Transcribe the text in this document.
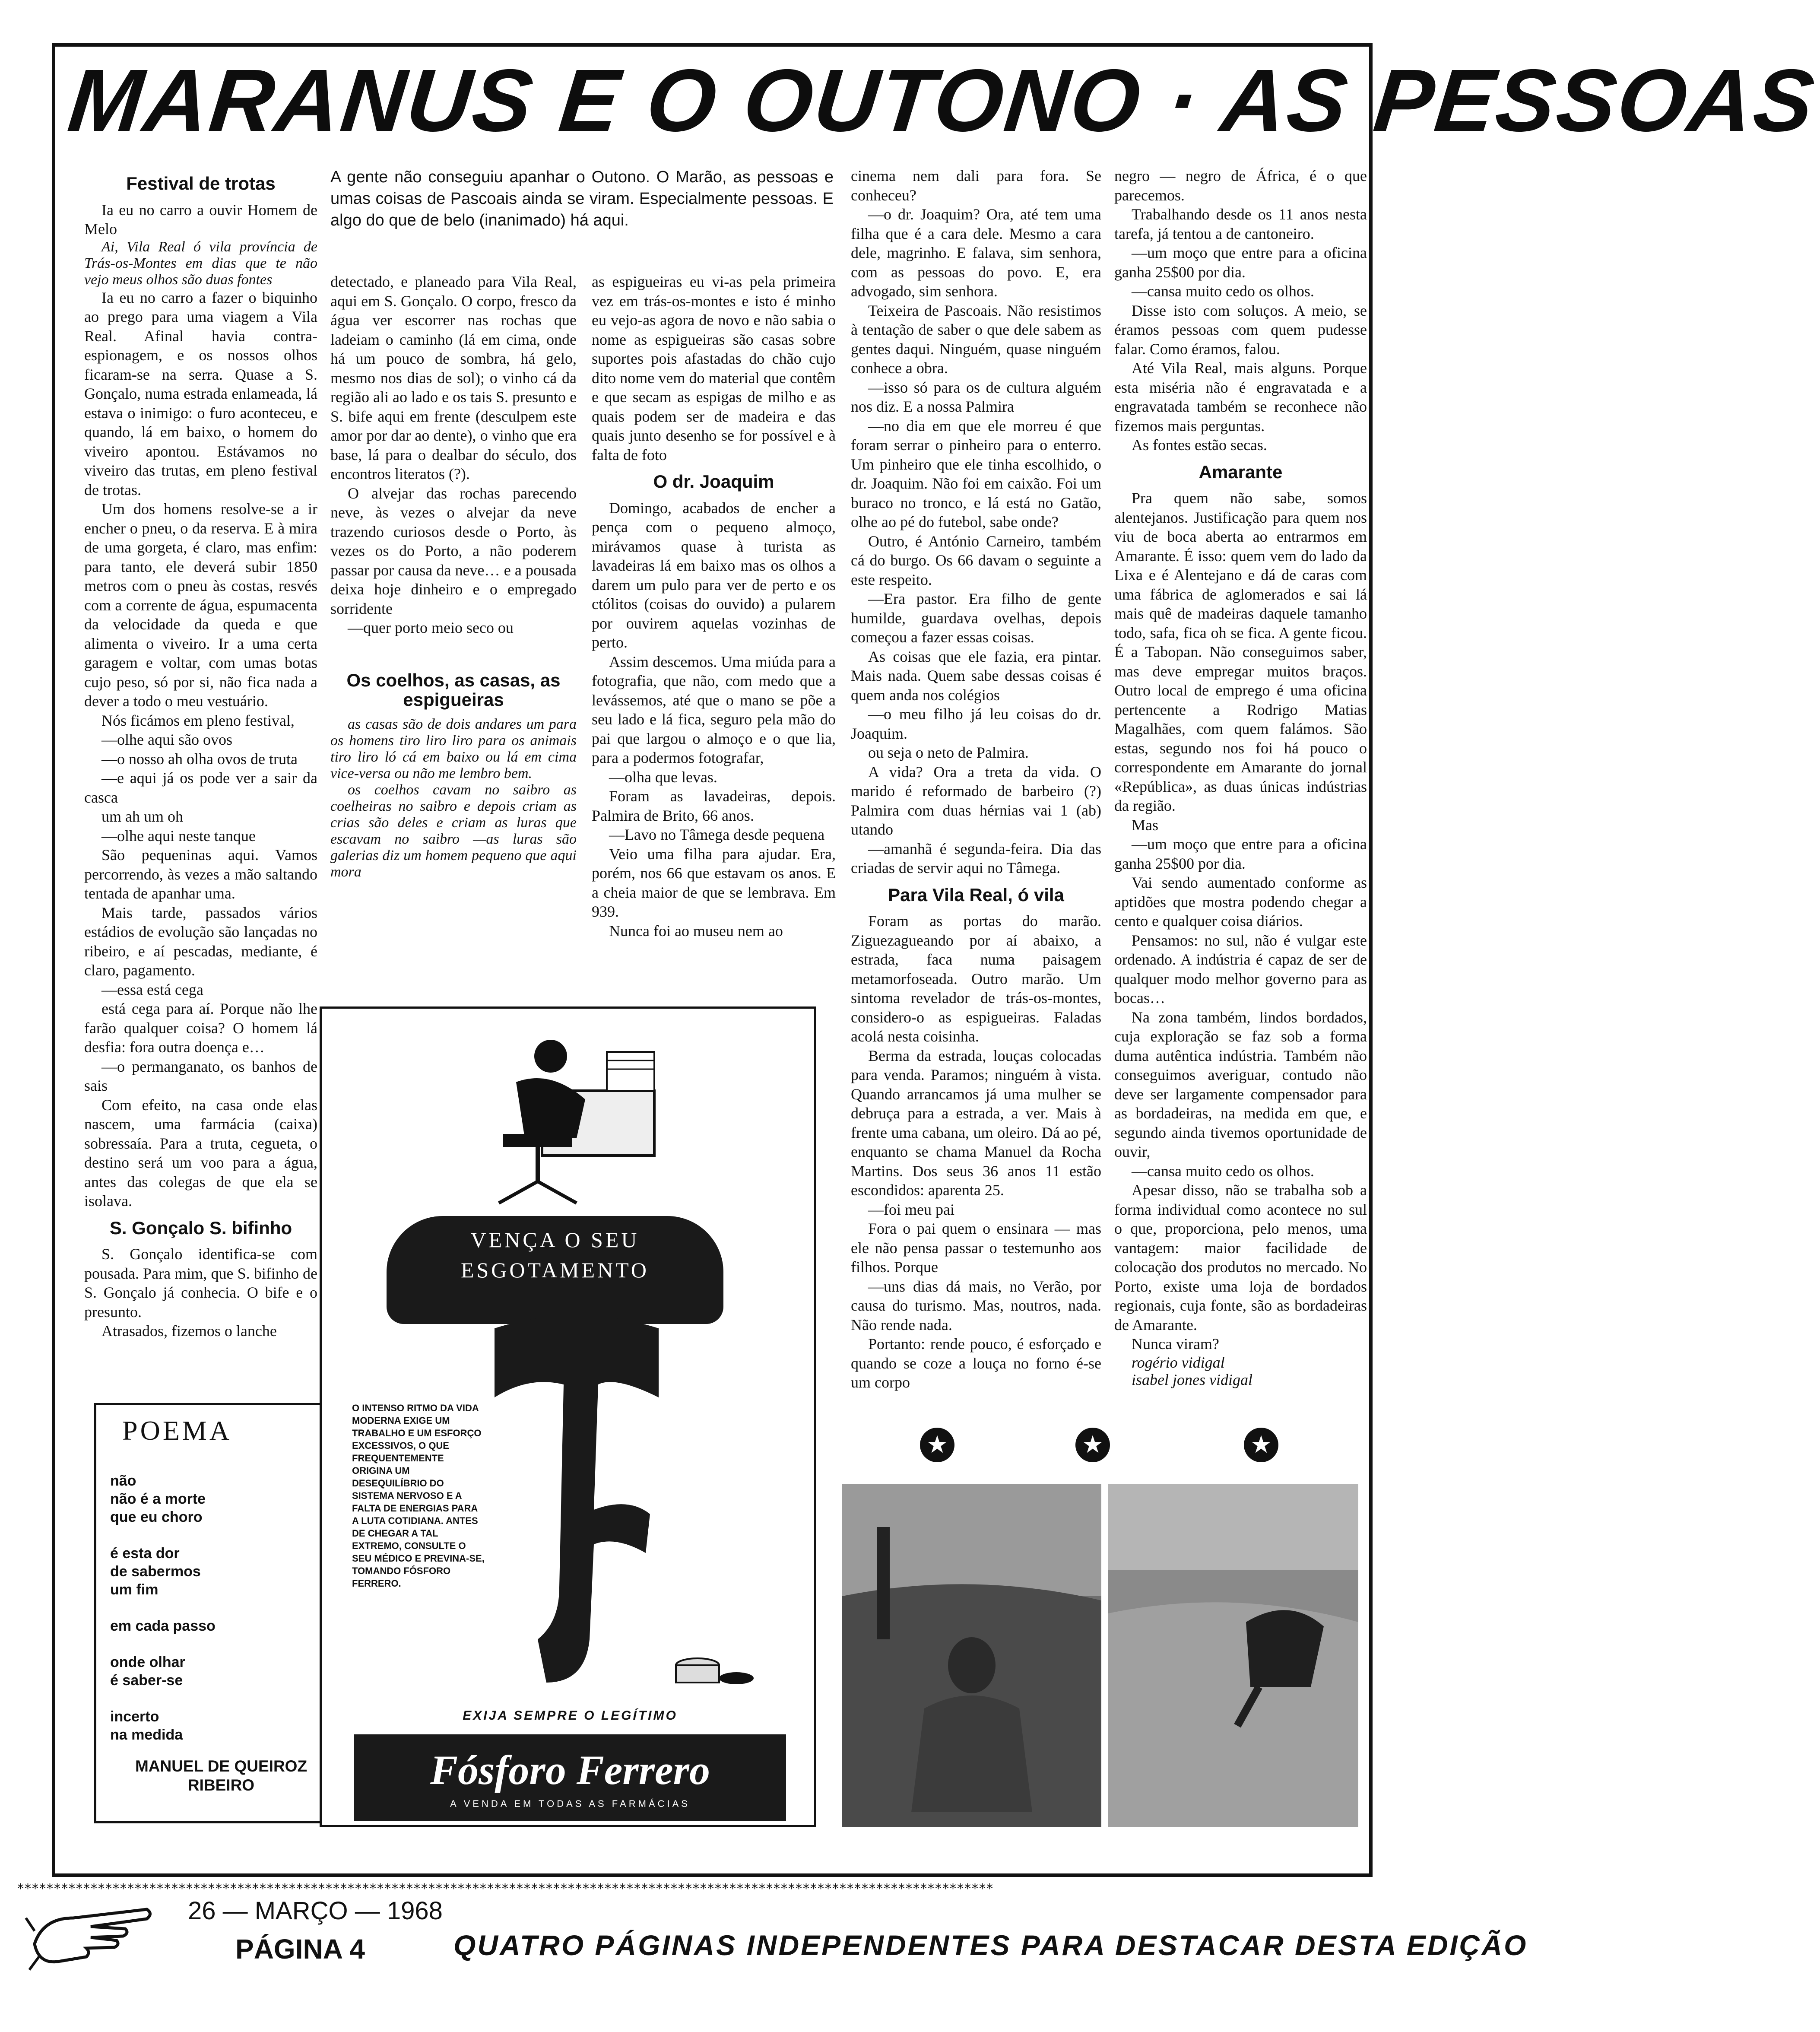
MARANUS E O OUTONO · AS PESSOAS
A gente não conseguiu apanhar o Outono. O Marão, as pessoas e umas coisas de Pascoais ainda se viram. Especialmente pessoas. E algo do que de belo (inanimado) há aqui.
Festival de trotas

Ia eu no carro a ouvir Homem de Melo

Ai, Vila Real ó vila província de Trás-os-Montes em dias que te não vejo meus olhos são duas fontes

Ia eu no carro a fazer o biquinho ao prego para uma viagem a Vila Real. Afinal havia contra-espionagem, e os nossos olhos ficaram-se na serra. Quase a S. Gonçalo, numa estrada enlameada, lá estava o inimigo: o furo aconteceu, e quando, lá em baixo, o homem do viveiro apontou. Estávamos no viveiro das trutas, em pleno festival de trotas.

Um dos homens resolve-se a ir encher o pneu, o da reserva. E à mira de uma gorgeta, é claro, mas enfim: para tanto, ele deverá subir 1850 metros com o pneu às costas, resvés com a corrente de água, espumacenta da velocidade da queda e que alimenta o viveiro. Ir a uma certa garagem e voltar, com umas botas cujo peso, só por si, não fica nada a dever a todo o meu vestuário.

Nós ficámos em pleno festival,

—olhe aqui são ovos

—o nosso ah olha ovos de truta

—e aqui já os pode ver a sair da casca

um ah um oh

—olhe aqui neste tanque

São pequeninas aqui. Vamos percorrendo, às vezes a mão saltando tentada de apanhar uma.

Mais tarde, passados vários estádios de evolução são lançadas no ribeiro, e aí pescadas, mediante, é claro, pagamento.

—essa está cega

está cega para aí. Porque não lhe farão qualquer coisa? O homem lá desfia: fora outra doença e…

—o permanganato, os banhos de sais

Com efeito, na casa onde elas nascem, uma farmácia (caixa) sobressaía. Para a truta, cegueta, o destino será um voo para a água, antes das colegas de que ela se isolava.

S. Gonçalo S. bifinho

S. Gonçalo identifica-se com pousada. Para mim, que S. bifinho de S. Gonçalo já conhecia. O bife e o presunto.

Atrasados, fizemos o lanche

detectado, e planeado para Vila Real, aqui em S. Gonçalo. O corpo, fresco da água ver escorrer nas rochas que ladeiam o caminho (lá em cima, onde há um pouco de sombra, há gelo, mesmo nos dias de sol); o vinho cá da região ali ao lado e os tais S. presunto e S. bife aqui em frente (desculpem este amor por dar ao dente), o vinho que era base, lá para o dealbar do século, dos encontros literatos (?).

O alvejar das rochas parecendo neve, às vezes o alvejar da neve trazendo curiosos desde o Porto, às vezes os do Porto, a não poderem passar por causa da neve… e a pousada deixa hoje dinheiro e o empregado sorridente

—quer porto meio seco ou

as espigueiras eu vi-as pela primeira vez em trás-os-montes e isto é minho eu vejo-as agora de novo e não sabia o nome as espigueiras são casas sobre suportes pois afastadas do chão cujo dito nome vem do material que contêm e que secam as espigas de milho e as quais podem ser de madeira e das quais junto desenho se for possível e à falta de foto

O dr. Joaquim

Domingo, acabados de encher a pença com o pequeno almoço, mirávamos quase à turista as lavadeiras lá em baixo mas os olhos a darem um pulo para ver de perto e os ctólitos (coisas do ouvido) a pularem por ouvirem aquelas vozinhas de perto.

Assim descemos. Uma miúda para a fotografia, que não, com medo que a levássemos, até que o mano se põe a seu lado e lá fica, seguro pela mão do pai que largou o almoço e o que lia, para a podermos fotografar,

—olha que levas.

Foram as lavadeiras, depois. Palmira de Brito, 66 anos.

—Lavo no Tâmega desde pequena

Veio uma filha para ajudar. Era, porém, nos 66 que estavam os anos. E a cheia maior de que se lembrava. Em 939.

Nunca foi ao museu nem ao

Os coelhos, as casas, as espigueiras

as casas são de dois andares um para os homens tiro liro liro para os animais tiro liro ló cá em baixo ou lá em cima vice-versa ou não me lembro bem.

os coelhos cavam no saibro as coelheiras no saibro e depois criam as crias são deles e criam as luras que escavam no saibro —as luras são galerias diz um homem pequeno que aqui mora

cinema nem dali para fora. Se conheceu?

—o dr. Joaquim? Ora, até tem uma filha que é a cara dele. Mesmo a cara dele, magrinho. E falava, sim senhora, com as pessoas do povo. E, era advogado, sim senhora.

Teixeira de Pascoais. Não resistimos à tentação de saber o que dele sabem as gentes daqui. Ninguém, quase ninguém conhece a obra.

—isso só para os de cultura alguém nos diz. E a nossa Palmira

—no dia em que ele morreu é que foram serrar o pinheiro para o enterro. Um pinheiro que ele tinha escolhido, o dr. Joaquim. Não foi em caixão. Foi um buraco no tronco, e lá está no Gatão, olhe ao pé do futebol, sabe onde?

Outro, é António Carneiro, também cá do burgo. Os 66 davam o seguinte a este respeito.

—Era pastor. Era filho de gente humilde, guardava ovelhas, depois começou a fazer essas coisas.

As coisas que ele fazia, era pintar. Mais nada. Quem sabe dessas coisas é quem anda nos colégios

—o meu filho já leu coisas do dr. Joaquim.

ou seja o neto de Palmira.

A vida? Ora a treta da vida. O marido é reformado de barbeiro (?) Palmira com duas hérnias vai 1 (ab) utando

—amanhã é segunda-feira. Dia das criadas de servir aqui no Tâmega.

Para Vila Real, ó vila

Foram as portas do marão. Ziguezagueando por aí abaixo, a estrada, faca numa paisagem metamorfoseada. Outro marão. Um sintoma revelador de trás-os-montes, considero-o as espigueiras. Faladas acolá nesta coisinha.

Berma da estrada, louças colocadas para venda. Paramos; ninguém à vista. Quando arrancamos já uma mulher se debruça para a estrada, a ver. Mais à frente uma cabana, um oleiro. Dá ao pé, enquanto se chama Manuel da Rocha Martins. Dos seus 36 anos 11 estão escondidos: aparenta 25.

—foi meu pai

Fora o pai quem o ensinara — mas ele não pensa passar o testemunho aos filhos. Porque

—uns dias dá mais, no Verão, por causa do turismo. Mas, noutros, nada. Não rende nada.

Portanto: rende pouco, é esforçado e quando se coze a louça no forno é-se um corpo

negro — negro de África, é o que parecemos.

Trabalhando desde os 11 anos nesta tarefa, já tentou a de cantoneiro.

—um moço que entre para a oficina ganha 25$00 por dia.

—cansa muito cedo os olhos.

Disse isto com soluços. A meio, se éramos pessoas com quem pudesse falar. Como éramos, falou.

Até Vila Real, mais alguns. Porque esta miséria não é engravatada e a engravatada também se reconhece não fizemos mais perguntas.

As fontes estão secas.

Amarante

Pra quem não sabe, somos alentejanos. Justificação para quem nos viu de boca aberta ao entrarmos em Amarante. É isso: quem vem do lado da Lixa e é Alentejano e dá de caras com uma fábrica de aglomerados e sai lá mais quê de madeiras daquele tamanho todo, safa, fica oh se fica. A gente ficou. É a Tabopan. Não conseguimos saber, mas deve empregar muitos braços. Outro local de emprego é uma oficina pertencente a Rodrigo Matias Magalhães, com quem falámos. São estas, segundo nos foi há pouco o correspondente em Amarante do jornal «República», as duas únicas indústrias da região.

Mas

—um moço que entre para a oficina ganha 25$00 por dia.

Vai sendo aumentado conforme as aptidões que mostra podendo chegar a cento e qualquer coisa diários.

Pensamos: no sul, não é vulgar este ordenado. A indústria é capaz de ser de qualquer modo melhor governo para as bocas…

Na zona também, lindos bordados, cuja exploração se faz sob a forma duma autêntica indústria. Também não conseguimos averiguar, contudo não deve ser largamente compensador para as bordadeiras, na medida em que, e segundo ainda tivemos oportunidade de ouvir,

—cansa muito cedo os olhos.

Apesar disso, não se trabalha sob a forma individual como acontece no sul o que, proporciona, pelo menos, uma vantagem: maior facilidade de colocação dos produtos no mercado. No Porto, existe uma loja de bordados regionais, cuja fonte, são as bordadeiras de Amarante.

Nunca viram?

rogério vidigal

isabel jones vidigal

POEMA
não
não é a morte
que eu choro

é esta dor
de sabermos
um fim

em cada passo

onde olhar
é saber-se

incerto
na medida
MANUEL DE QUEIROZ
RIBEIRO
VENÇA O SEU
ESGOTAMENTO
O INTENSO RITMO DA VIDA MODERNA EXIGE UM TRABALHO E UM ESFORÇO EXCESSIVOS, O QUE FREQUENTEMENTE ORIGINA UM DESEQUILÍBRIO DO SISTEMA NERVOSO E A FALTA DE ENERGIAS PARA A LUTA COTIDIANA. ANTES DE CHEGAR A TAL EXTREMO, CONSULTE O SEU MÉDICO E PREVINA-SE, TOMANDO FÓSFORO FERRERO.
EXIJA SEMPRE O LEGÍTIMO
Fósforo Ferrero
A VENDA EM TODAS AS FARMÁCIAS
★	★	★
*************************************************************************************************************************************
26 — MARÇO — 1968
PÁGINA 4	QUATRO PÁGINAS INDEPENDENTES PARA DESTACAR DESTA EDIÇÃO
